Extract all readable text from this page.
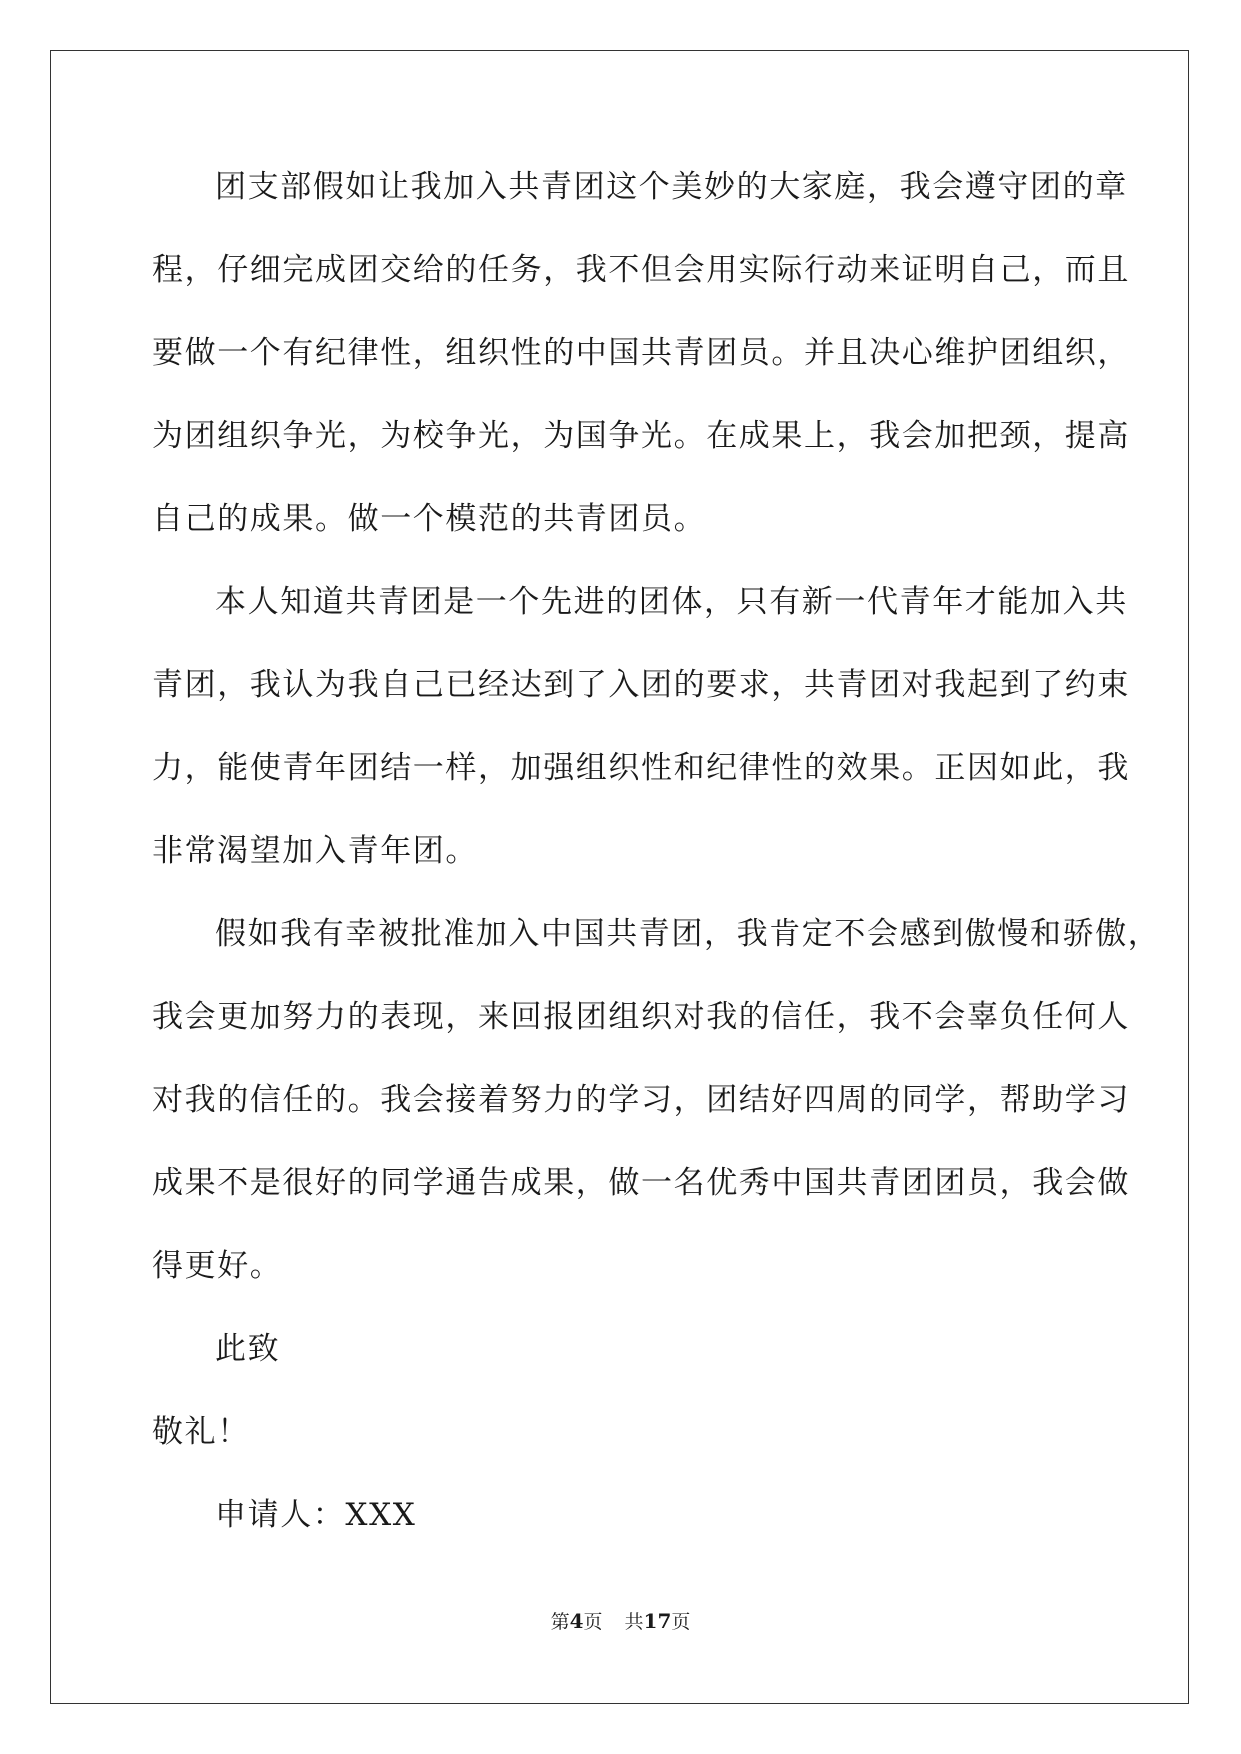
团支部假如让我加入共青团这个美妙的大家庭，我会遵守团的章
程，仔细完成团交给的任务，我不但会用实际行动来证明自己，而且
要做一个有纪律性，组织性的中国共青团员。并且决心维护团组织，
为团组织争光，为校争光，为国争光。在成果上，我会加把颈，提高
自己的成果。做一个模范的共青团员。
本人知道共青团是一个先进的团体，只有新一代青年才能加入共
青团，我认为我自己已经达到了入团的要求，共青团对我起到了约束
力，能使青年团结一样，加强组织性和纪律性的效果。正因如此，我
非常渴望加入青年团。
假如我有幸被批准加入中国共青团，我肯定不会感到傲慢和骄傲，
我会更加努力的表现，来回报团组织对我的信任，我不会辜负任何人
对我的信任的。我会接着努力的学习，团结好四周的同学，帮助学习
成果不是很好的同学通告成果，做一名优秀中国共青团团员，我会做
得更好。
此致
敬礼！
申请人：XXX
第4页 共17页
